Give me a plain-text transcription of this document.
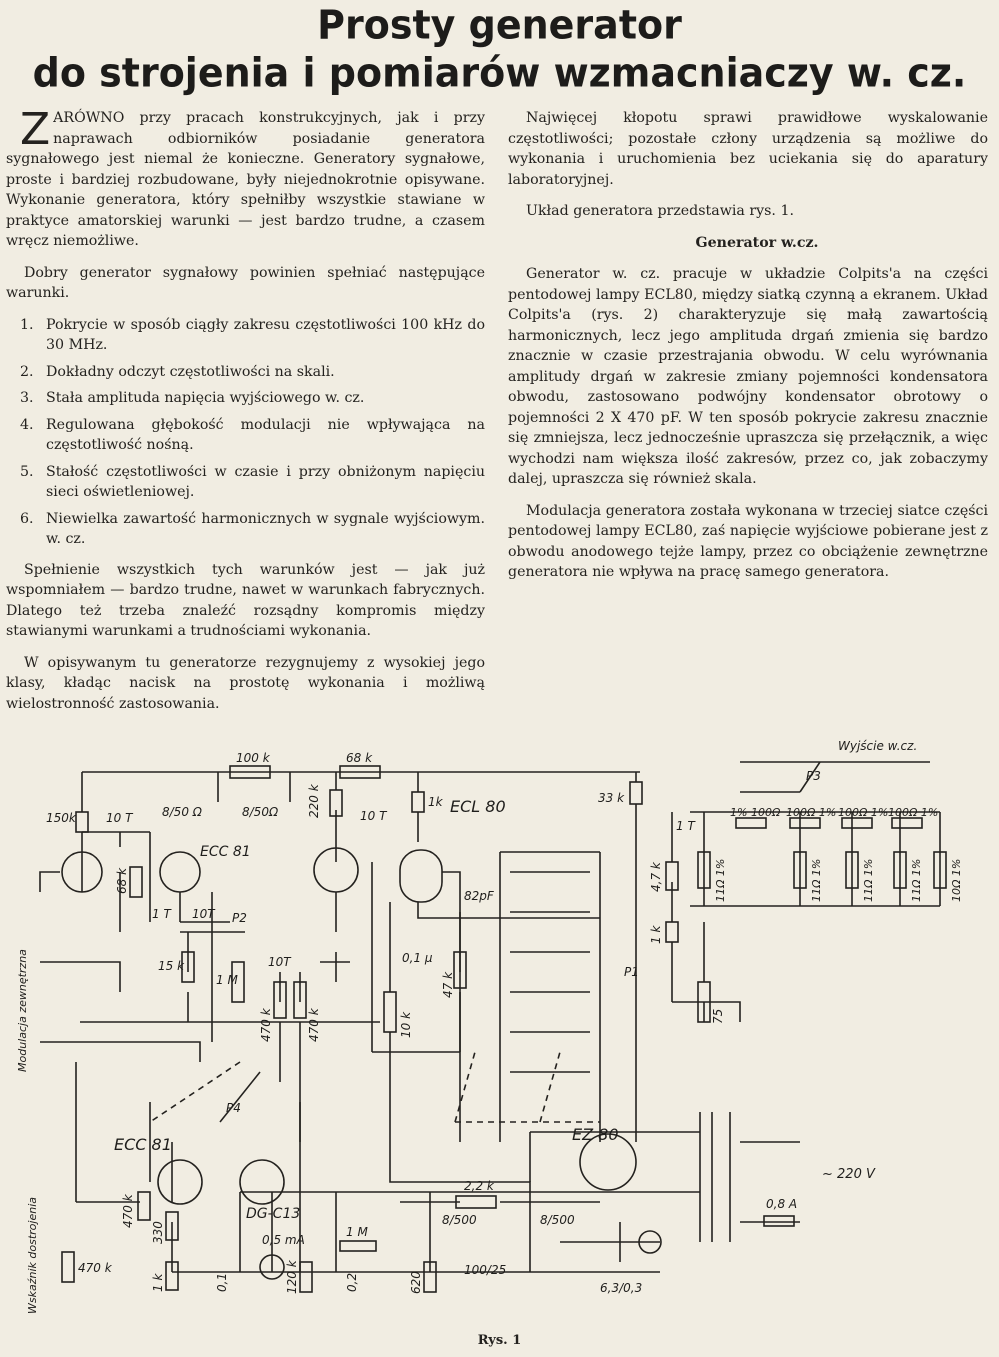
Prosty generator
do strojenia i pomiarów wzmacniaczy w. cz.

ZARÓWNO przy pracach konstrukcyjnych, jak i przy naprawach odbiorników posiadanie generatora sygnałowego jest niemal że konieczne. Generatory sygnałowe, proste i bardziej rozbudowane, były niejednokrotnie opisywane. Wykonanie generatora, który spełniłby wszystkie stawiane w praktyce amatorskiej warunki — jest bardzo trudne, a czasem wręcz niemożliwe.

Dobry generator sygnałowy powinien spełniać następujące warunki.

1. Pokrycie w sposób ciągły zakresu częstotliwości 100 kHz do 30 MHz.
2. Dokładny odczyt częstotliwości na skali.
3. Stała amplituda napięcia wyjściowego w. cz.
4. Regulowana głębokość modulacji nie wpływająca na częstotliwość nośną.
5. Stałość częstotliwości w czasie i przy obniżonym napięciu sieci oświetleniowej.
6. Niewielka zawartość harmonicznych w sygnale wyjściowym. w. cz.

Spełnienie wszystkich tych warunków jest — jak już wspomniałem — bardzo trudne, nawet w warunkach fabrycznych. Dlatego też trzeba znaleźć rozsądny kompromis między stawianymi warunkami a trudnościami wykonania.

W opisywanym tu generatorze rezygnujemy z wysokiej jego klasy, kładąc nacisk na prostotę wykonania i możliwą wielostronność zastosowania.

Najwięcej kłopotu sprawi prawidłowe wyskalowanie częstotliwości; pozostałe człony urządzenia są możliwe do wykonania i uruchomienia bez uciekania się do aparatury laboratoryjnej.

Układ generatora przedstawia rys. 1.

Generator w.cz.

Generator w. cz. pracuje w układzie Colpits'a na części pentodowej lampy ECL80, między siatką czynną a ekranem. Układ Colpits'a (rys. 2) charakteryzuje się małą zawartością harmonicznych, lecz jego amplituda drgań zmienia się bardzo znacznie w czasie przestrajania obwodu. W celu wyrównania amplitudy drgań w zakresie zmiany pojemności kondensatora obwodu, zastosowano podwójny kondensator obrotowy o pojemności 2 X 470 pF. W ten sposób pokrycie zakresu znacznie się zmniejsza, lecz jednocześnie upraszcza się przełącznik, a więc wychodzi nam większa ilość zakresów, przez co, jak zobaczymy dalej, upraszcza się również skala.

Modulacja generatora została wykonana w trzeciej siatce części pentodowej lampy ECL80, zaś napięcie wyjściowe pobierane jest z obwodu anodowego tejże lampy, przez co obciążenie zewnętrzne generatora nie wpływa na pracę samego generatora.

100 k	68 k
150k	10 T 8/50 Ω	8/50Ω 220 k	10 T
1k ECL 80	33 k
1 T
Wyjście w.cz.
P3
ECC 81
68 k
1 T 10T P2
15 k
1 M
10T
470 k	470 k
82pF
0,1 µ
47 k
10 k
4,7 k
1 k
75
P1
1% 100Ω 100Ω 1% 100Ω 1% 100Ω 1%
11Ω 1%	11Ω 1%	11Ω 1%	11Ω 1% 10Ω 1%
Modulacja zewnętrzna
ECC 81
P4
470 k
330
1 k
470 k
Wskaźnik dostrojenia
EZ 80
2,2 k
DG-C13
0,5 mA
1 M
8/500	8/500
0,1	120 k	0,2	620
100/25
6,3/0,3
~ 220 V
0,8 A
Rys. 1
